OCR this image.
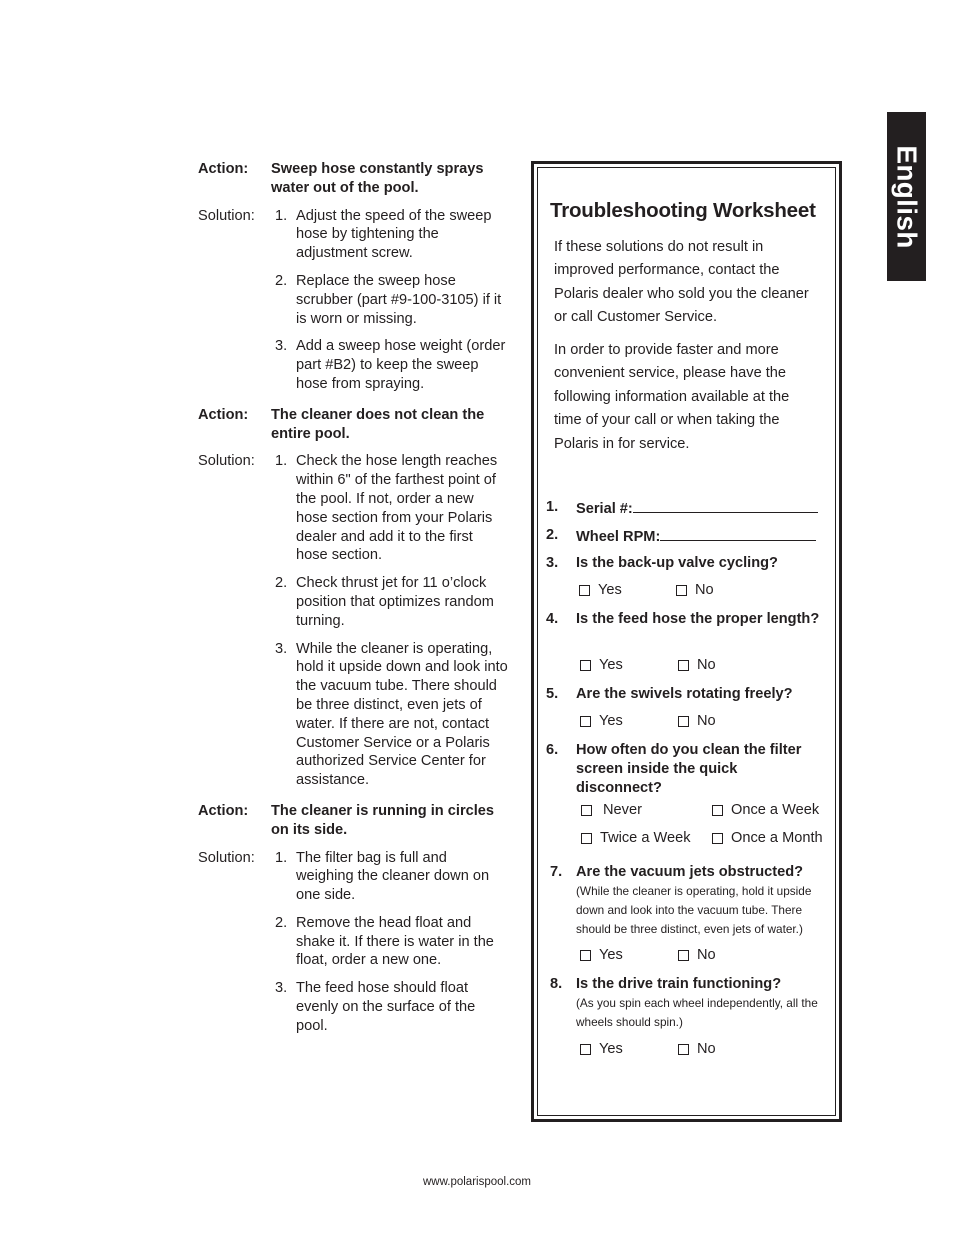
English
Action:	Sweep hose constantly sprays water out of the pool.
Solution:	1. Adjust the speed of the sweep hose by tightening the adjustment screw.
2. Replace the sweep hose scrubber (part #9-100-3105) if it is worn or missing.
3. Add a sweep hose weight (order part #B2) to keep the sweep hose from spraying.
Action:	The cleaner does not clean the entire pool.
Solution:	1. Check the hose length reaches within 6" of the farthest point of the pool. If not, order a new hose section from your Polaris dealer and add it to the first hose section.
2. Check thrust jet for 11 o’clock position that optimizes random turning.
3. While the cleaner is operating, hold it upside down and look into the vacuum tube. There should be three distinct, even jets of water. If there are not, contact Customer Service or a Polaris authorized Service Center for assistance.
Action:	The cleaner is running in circles on its side.
Solution:	1. The filter bag is full and weighing the cleaner down on one side.
2. Remove the head float and shake it. If there is water in the float, order a new one.
3. The feed hose should float evenly on the surface of the pool.
Troubleshooting Worksheet
If these solutions do not result in improved performance, contact the Polaris dealer who sold you the cleaner or call Customer Service.
In order to provide faster and more convenient service, please have the following information available at the time of your call or when taking the Polaris in for service.
1.	Serial #:
2.	Wheel RPM:
3.	Is the back-up valve cycling?
Yes	No
4.	Is the feed hose the proper length?
Yes	No
5.	Are the swivels rotating freely?
Yes	No
6.	How often do you clean the filter screen inside the quick disconnect?
Never	Once a Week
Twice a Week	Once a Month
7. Are the vacuum jets obstructed?
(While the cleaner is operating, hold it upside down and look into the vacuum tube. There should be three distinct, even jets of water.)
Yes	No
8. Is the drive train functioning?
(As you spin each wheel independently, all the wheels should spin.)
Yes	No
www.polarispool.com
